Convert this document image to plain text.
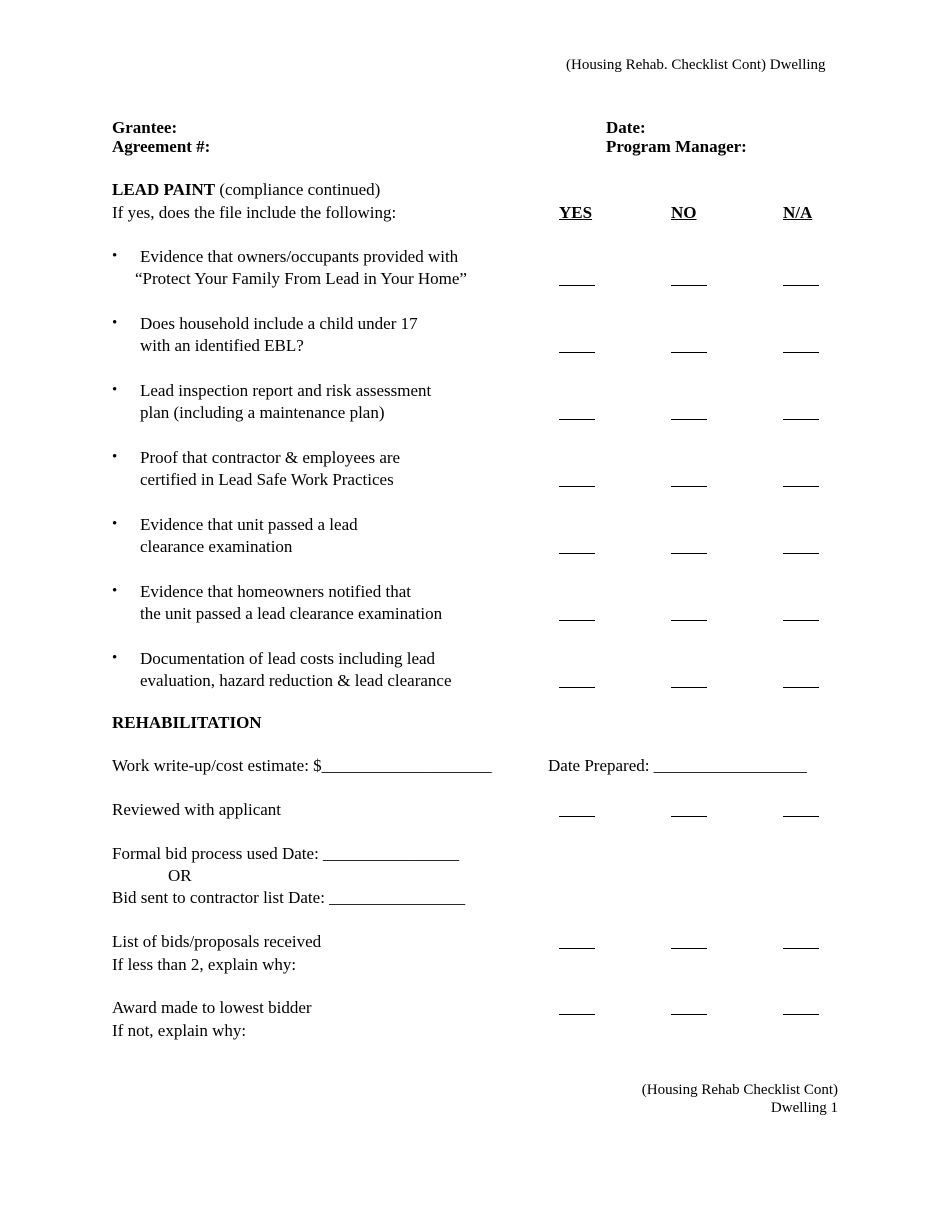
(Housing Rehab. Checklist Cont) Dwelling
Grantee:
Agreement #:
Date:
Program Manager:
LEAD PAINT (compliance continued)
If yes, does the file include the following:	YES	NO	N/A
• Evidence that owners/occupants provided with
“Protect Your Family From Lead in Your Home”
• Does household include a child under 17
with an identified EBL?
• Lead inspection report and risk assessment
plan (including a maintenance plan)
• Proof that contractor & employees are
certified in Lead Safe Work Practices
• Evidence that unit passed a lead
clearance examination
• Evidence that homeowners notified that
the unit passed a lead clearance examination
• Documentation of lead costs including lead
evaluation, hazard reduction & lead clearance
REHABILITATION
Work write-up/cost estimate: $____________________	Date Prepared: __________________
Reviewed with applicant
Formal bid process used Date: ________________
OR
Bid sent to contractor list Date: ________________
List of bids/proposals received
If less than 2, explain why:
Award made to lowest bidder
If not, explain why:
(Housing Rehab Checklist Cont)
Dwelling 1
